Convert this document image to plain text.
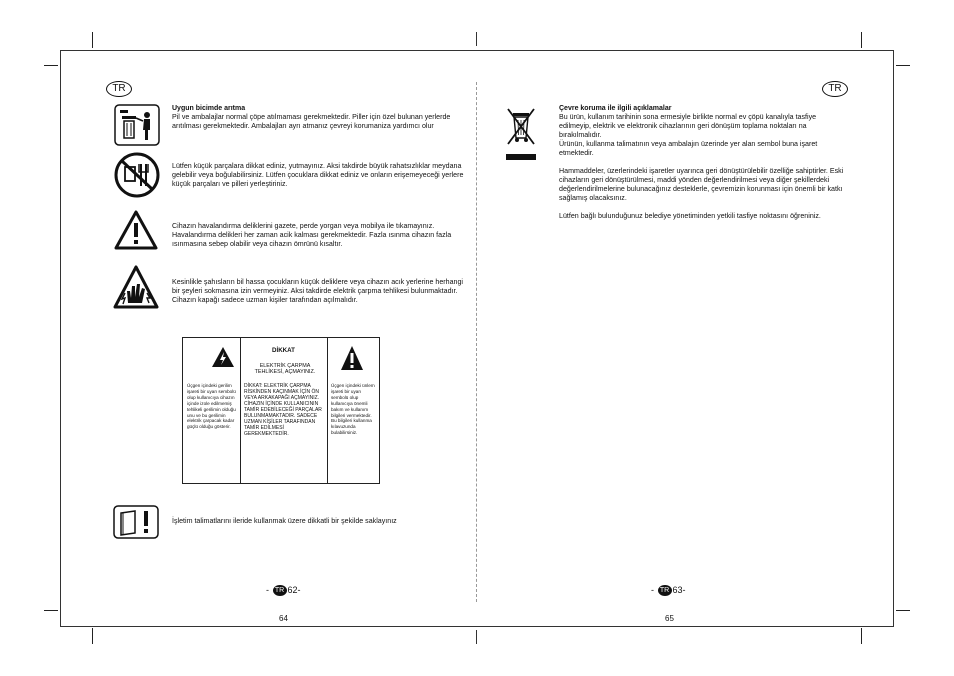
TR

Uygun bicimde arıtma

Pil ve ambalajlar normal çöpe atılmaması gerekmektedir. Piller için özel bulunan yerlerde arıtılması gerekmektedir. Ambalajları ayrı atmanız çevreyi korumaniza yardımcı olur

Lütfen küçük parçalara dikkat ediniz, yutmayınız. Aksi takdirde büyük rahatsızlıklar meydana gelebilir veya boğulabilirsiniz. Lütfen çocuklara dikkat ediniz ve onların erişemeyeceği yerlere küçük parçaları ve pilleri yerleştiriniz.

Cihazın havalandırma deliklerini gazete, perde yorgan veya mobilya ile tıkamayınız. Havalandırma delikleri her zaman acik kalması gerekmektedir. Fazla ısınma cihazın fazla ısınmasına sebep olabilir veya cihazın ömrünü kısaltır.

Kesinlikle şahısların bil hassa çocukların küçük deliklere veya cihazın acık yerlerine herhangi bir şeyleri sokmasına izin vermeyiniz. Aksi takdirde elektrik çarpma tehlikesi bulunmaktadır. Cihazın kapağı sadece uzman kişiler tarafından açılmalıdır.

Üçgen içindeki gerilim işareti bir uyarı sembolü olup kullanıcıya cihazın içinde izole edilmemiş tehlikeli gerilimin olduğu unu ve bu gerilimin elektrik çarpacak kadar güçlü olduğu gösterir.
DİKKAT
ELEKTRİK ÇARPMA TEHLİKESİ, AÇMAYINIZ.
DİKKAT: ELEKTRİK ÇARPMA RİSKİNDEN KAÇINMAK İÇİN ÖN VEYA ARKAKAPAĞI AÇMAYINIZ. CİHAZIN İÇİNDE KULLANICININ TAMİR EDEBİLECEĞİ PARÇALAR BULUNMAMAKTADIR. SADECE UZMAN KİŞİLER TARAFINDAN TAMİR EDİLMESİ GEREKMEKTEDİR.
Üçgen içindeki ünlem işareti bir uyarı sembolü olup kullanıcıya önemli bakım ve kullanım bilgileri vermektedir. Bu bilgileri kullanma kılavuzunda bulabilirsiniz.
İşletim talimatlarını ileride kullanmak üzere dikkatli bir şekilde saklayınız
- TR 62-
64
TR

Çevre koruma ile ilgili açıklamalar

Bu ürün, kullanım tarihinin sona ermesiyle birlikte normal ev çöpü kanalıyla tasfiye edilmeyip, elektrik ve elektronik cihazlarının geri dönüşüm toplama noktaları na bırakılmalıdır.

Ürünün, kullanma talimatının veya ambalajın üzerinde yer alan sembol buna işaret etmektedir.

Hammaddeler, üzerlerindeki işaretler uyarınca geri dönüştürülebilir özelliğe sahiptirler. Eski cihazların geri dönüştürülmesi, maddi yönden değerlendirilmesi veya diğer şekillerdeki değerlendirilmelerine bulunacağınız desteklerle, çevremizin korunması için önemli bir katkı sağlamış olacaksınız.

Lütfen bağlı bulunduğunuz belediye yönetiminden yetkili tasfiye noktasını öğreniniz.

- TR 63-
65
